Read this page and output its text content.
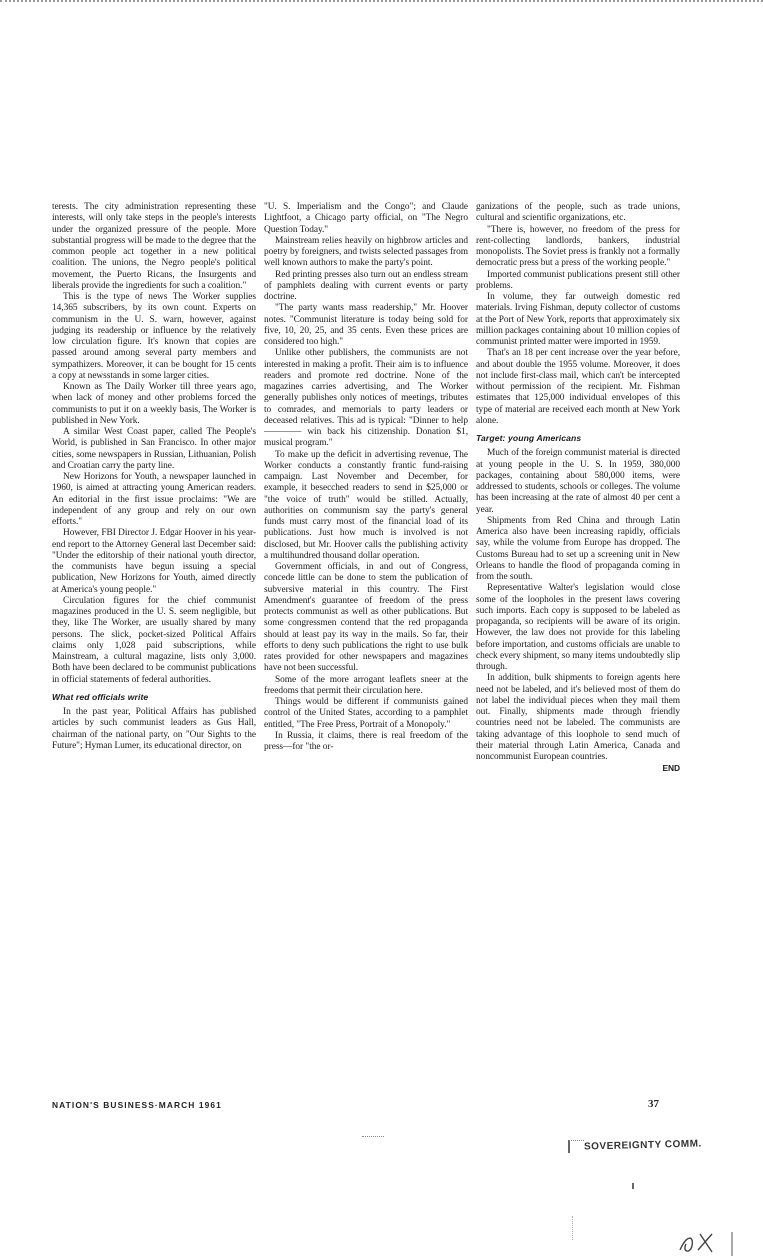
terests. The city administration representing these interests, will only take steps in the people's interests under the organized pressure of the people. More substantial progress will be made to the degree that the common people act together in a new political coalition. The unions, the Negro people's political movement, the Puerto Ricans, the Insurgents and liberals provide the ingredients for such a coalition."

This is the type of news The Worker supplies 14,365 subscribers, by its own count. Experts on communism in the U. S. warn, however, against judging its readership or influence by the relatively low circulation figure. It's known that copies are passed around among several party members and sympathizers. Moreover, it can be bought for 15 cents a copy at newsstands in some larger cities.

Known as The Daily Worker till three years ago, when lack of money and other problems forced the communists to put it on a weekly basis, The Worker is published in New York.

A similar West Coast paper, called The People's World, is published in San Francisco. In other major cities, some newspapers in Russian, Lithuanian, Polish and Croatian carry the party line.

New Horizons for Youth, a newspaper launched in 1960, is aimed at attracting young American readers. An editorial in the first issue proclaims: "We are independent of any group and rely on our own efforts."

However, FBI Director J. Edgar Hoover in his year-end report to the Attorney General last December said: "Under the editorship of their national youth director, the communists have begun issuing a special publication, New Horizons for Youth, aimed directly at America's young people."

Circulation figures for the chief communist magazines produced in the U. S. seem negligible, but they, like The Worker, are usually shared by many persons. The slick, pocket-sized Political Affairs claims only 1,028 paid subscriptions, while Mainstream, a cultural magazine, lists only 3,000. Both have been declared to be communist publications in official statements of federal authorities.

What red officials write

In the past year, Political Affairs has published articles by such communist leaders as Gus Hall, chairman of the national party, on "Our Sights to the Future"; Hyman Lumer, its educational director, on

"U. S. Imperialism and the Congo"; and Claude Lightfoot, a Chicago party official, on "The Negro Question Today."

Mainstream relies heavily on highbrow articles and poetry by foreigners, and twists selected passages from well known authors to make the party's point.

Red printing presses also turn out an endless stream of pamphlets dealing with current events or party doctrine.

"The party wants mass readership," Mr. Hoover notes. "Communist literature is today being sold for five, 10, 20, 25, and 35 cents. Even these prices are considered too high."

Unlike other publishers, the communists are not interested in making a profit. Their aim is to influence readers and promote red doctrine. None of the magazines carries advertising, and The Worker generally publishes only notices of meetings, tributes to comrades, and memorials to party leaders or deceased relatives. This ad is typical: "Dinner to help ———— win back his citizenship. Donation $1, musical program."

To make up the deficit in advertising revenue, The Worker conducts a constantly frantic fund-raising campaign. Last November and December, for example, it besecched readers to send in $25,000 or "the voice of truth" would be stilled. Actually, authorities on communism say the party's general funds must carry most of the financial load of its publications. Just how much is involved is not disclosed, but Mr. Hoover calls the publishing activity a multihundred thousand dollar operation.

Government officials, in and out of Congress, concede little can be done to stem the publication of subversive material in this country. The First Amendment's guarantee of freedom of the press protects communist as well as other publications. But some congressmen contend that the red propaganda should at least pay its way in the mails. So far, their efforts to deny such publications the right to use bulk rates provided for other newspapers and magazines have not been successful.

Some of the more arrogant leaflets sneer at the freedoms that permit their circulation here.

Things would be different if communists gained control of the United States, according to a pamphlet entitled, "The Free Press, Portrait of a Monopoly."

In Russia, it claims, there is real freedom of the press—for "the or-

ganizations of the people, such as trade unions, cultural and scientific organizations, etc.

"There is, however, no freedom of the press for rent-collecting landlords, bankers, industrial monopolists. The Soviet press is frankly not a formally democratic press but a press of the working people."

Imported communist publications present still other problems.

In volume, they far outweigh domestic red materials. Irving Fishman, deputy collector of customs at the Port of New York, reports that approximately six million packages containing about 10 million copies of communist printed matter were imported in 1959.

That's an 18 per cent increase over the year before, and about double the 1955 volume. Moreover, it does not include first-class mail, which can't be intercepted without permission of the recipient. Mr. Fishman estimates that 125,000 individual envelopes of this type of material are received each month at New York alone.

Target: young Americans

Much of the foreign communist material is directed at young people in the U. S. In 1959, 380,000 packages, containing about 580,000 items, were addressed to students, schools or colleges. The volume has been increasing at the rate of almost 40 per cent a year.

Shipments from Red China and through Latin America also have been increasing rapidly, officials say, while the volume from Europe has dropped. The Customs Bureau had to set up a screening unit in New Orleans to handle the flood of propaganda coming in from the south.

Representative Walter's legislation would close some of the loopholes in the present laws covering such imports. Each copy is supposed to be labeled as propaganda, so recipients will be aware of its origin. However, the law does not provide for this labeling before importation, and customs officials are unable to check every shipment, so many items undoubtedly slip through.

In addition, bulk shipments to foreign agents here need not be labeled, and it's believed most of them do not label the individual pieces when they mail them out. Finally, shipments made through friendly countries need not be labeled. The communists are taking advantage of this loophole to send much of their material through Latin America, Canada and noncommunist European countries.

END
NATION'S BUSINESS·MARCH 1961	37
SOVEREIGNTY COMM.
